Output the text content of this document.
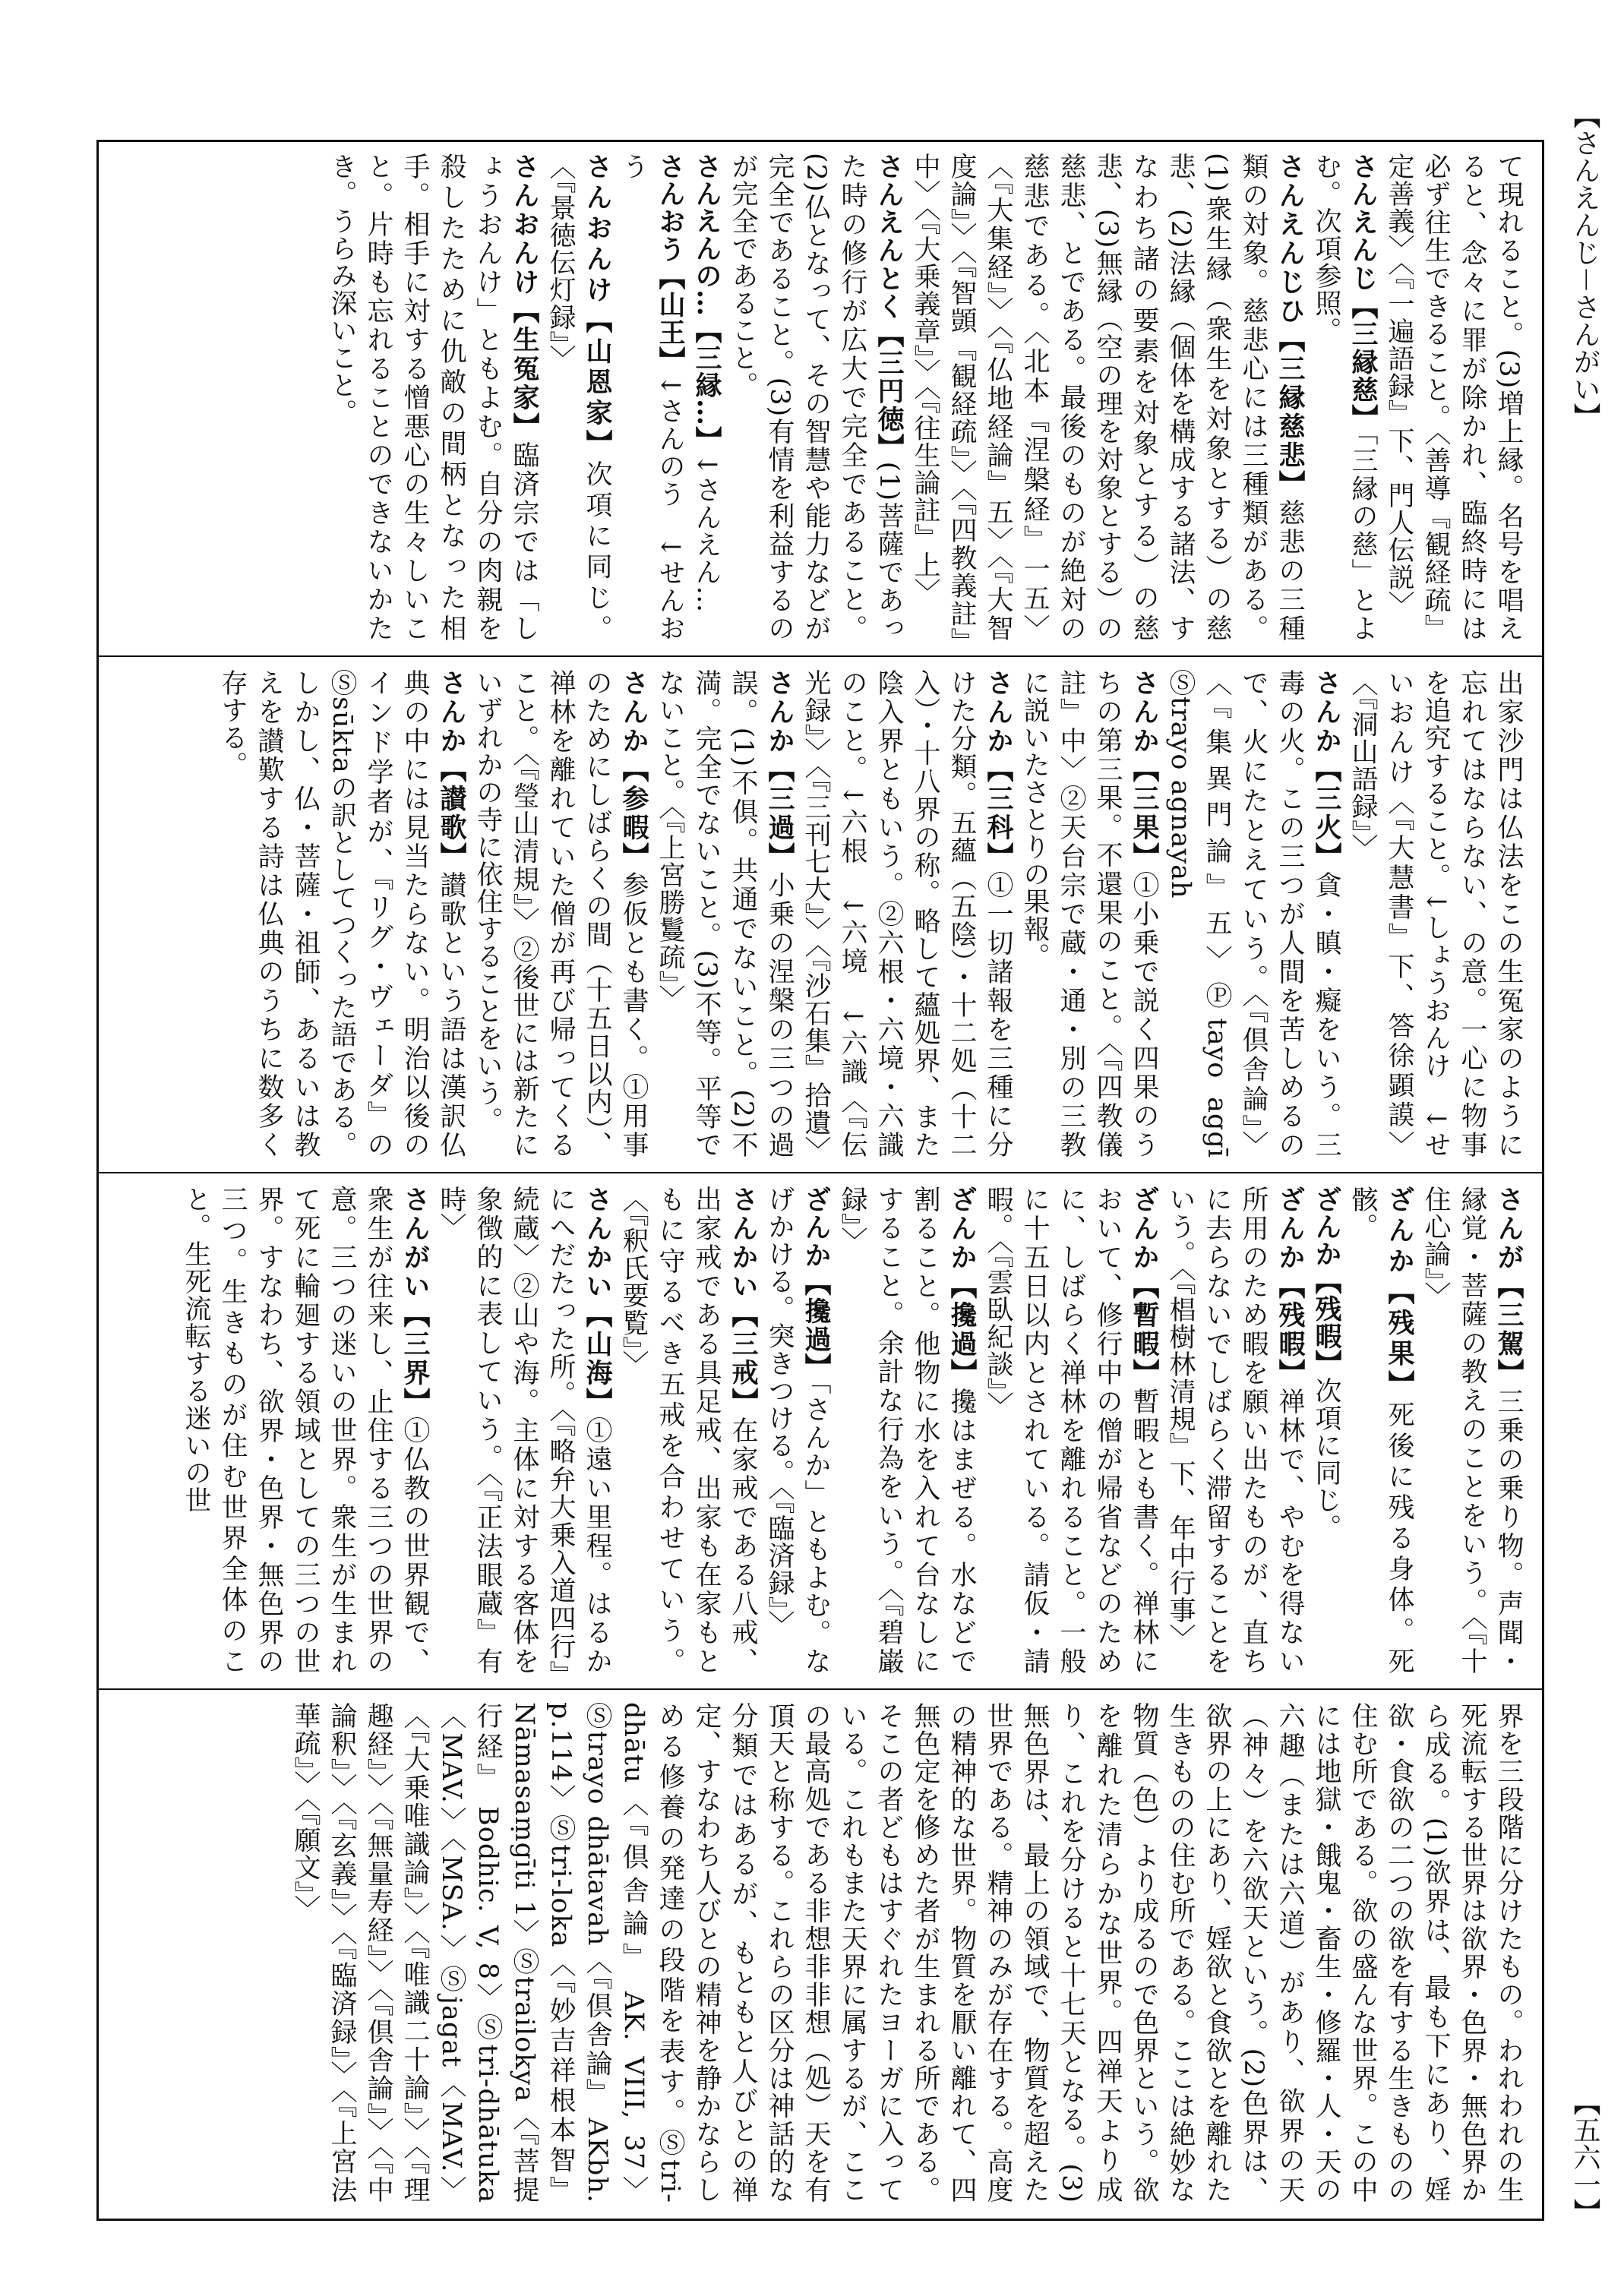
【さんえんじ－さんがい】
【五六一】

て現れること。(3)増上縁。名号を唱えると、念々に罪が除かれ、臨終時には必ず往生できること。〈善導『観経疏』定善義〉〈『一遍語録』下、門人伝説〉

さんえんじ【三縁慈】「三縁の慈」とよむ。次項参照。

さんえんじひ【三縁慈悲】慈悲の三種類の対象。慈悲心には三種類がある。(1)衆生縁（衆生を対象とする）の慈悲、(2)法縁（個体を構成する諸法、すなわち諸の要素を対象とする）の慈悲、(3)無縁（空の理を対象とする）の慈悲、とである。最後のものが絶対の慈悲である。〈北本『涅槃経』一五〉〈『大集経』〉〈『仏地経論』五〉〈『大智度論』〉〈『智顗『観経疏』〉〈『四教義註』中〉〈『大乗義章』〉〈『往生論註』上〉

さんえんとく【三円徳】(1)菩薩であった時の修行が広大で完全であること。(2)仏となって、その智慧や能力などが完全であること。(3)有情を利益するのが完全であること。

さんえんの…【三縁…】↓さんえん…

さんおう【山王】↓さんのう　↓せんおう

さんおんけ【山恩家】次項に同じ。〈『景徳伝灯録』〉

さんおんけ【生冤家】臨済宗では「しょうおんけ」ともよむ。自分の肉親を殺したために仇敵の間柄となった相手。相手に対する憎悪心の生々しいこと。片時も忘れることのできないかたき。うらみ深いこと。

出家沙門は仏法をこの生冤家のように忘れてはならない、の意。一心に物事を追究すること。↓しょうおんけ　↓せいおんけ〈『大慧書』下、答徐顕謨〉〈『洞山語録』〉

さんか【三火】貪・瞋・癡をいう。三毒の火。この三つが人間を苦しめるので、火にたとえていう。〈『倶舎論』〉〈『集異門論』五〉Ⓟtayo aggī　Ⓢtrayo agnayah

さんか【三果】①小乗で説く四果のうちの第三果。不還果のこと。〈『四教儀註』中〉②天台宗で蔵・通・別の三教に説いたさとりの果報。

さんか【三科】①一切諸報を三種に分けた分類。五蘊（五陰）・十二処（十二入）・十八界の称。略して蘊処界、また陰入界ともいう。②六根・六境・六識のこと。↓六根　↓六境　↓六識〈『伝光録』〉〈『三刊七大』〉〈『沙石集』拾遺〉

さんか【三過】小乗の涅槃の三つの過誤。(1)不俱。共通でないこと。(2)不満。完全でないこと。(3)不等。平等でないこと。〈『上宮勝鬘疏』〉

さんか【参暇】参仮とも書く。①用事のためにしばらくの間（十五日以内）、禅林を離れていた僧が再び帰ってくること。〈『瑩山清規』〉②後世には新たにいずれかの寺に依住することをいう。

さんか【讃歌】讃歌という語は漢訳仏典の中には見当たらない。明治以後のインド学者が、『リグ・ヴェーダ』のⓈsūktaの訳としてつくった語である。しかし、仏・菩薩・祖師、あるいは教えを讃歎する詩は仏典のうちに数多く存する。

さんが【三駕】三乗の乗り物。声聞・縁覚・菩薩の教えのことをいう。〈『十住心論』〉

ざんか【残果】死後に残る身体。死骸。

ざんか【残暇】次項に同じ。

ざんか【残暇】禅林で、やむを得ない所用のため暇を願い出たものが、直ちに去らないでしばらく滞留することをいう。〈『椙樹林清規』下、年中行事〉

ざんか【暫暇】暫暇とも書く。禅林において、修行中の僧が帰省などのために、しばらく禅林を離れること。一般に十五日以内とされている。請仮・請暇。〈『雲臥紀談』〉

ざんか【攙過】攙はまぜる。水などで割ること。他物に水を入れて台なしにすること。余計な行為をいう。〈『碧巌録』〉

ざんか【攙過】「さんか」ともよむ。なげかける。突きつける。〈『臨済録』〉

さんかい【三戒】在家戒である八戒、出家戒である具足戒、出家も在家もともに守るべき五戒を合わせていう。〈『釈氏要覧』〉

さんかい【山海】①遠い里程。はるかにへだたった所。〈『略弁大乗入道四行』続蔵〉②山や海。主体に対する客体を象徴的に表していう。〈『正法眼蔵』有時〉

さんがい【三界】①仏教の世界観で、衆生が往来し、止住する三つの世界の意。三つの迷いの世界。衆生が生まれて死に輪廻する領域としての三つの世界。すなわち、欲界・色界・無色界の三つ。生きものが住む世界全体のこと。生死流転する迷いの世

界を三段階に分けたもの。われわれの生死流転する世界は欲界・色界・無色界から成る。(1)欲界は、最も下にあり、婬欲・食欲の二つの欲を有する生きものの住む所である。欲の盛んな世界。この中には地獄・餓鬼・畜生・修羅・人・天の六趣（または六道）があり、欲界の天（神々）を六欲天という。(2)色界は、欲界の上にあり、婬欲と食欲とを離れた生きものの住む所である。ここは絶妙な物質（色）より成るので色界という。欲を離れた清らかな世界。四禅天より成り、これを分けると十七天となる。(3)無色界は、最上の領域で、物質を超えた世界である。精神のみが存在する。高度の精神的な世界。物質を厭い離れて、四無色定を修めた者が生まれる所である。そこの者どもはすぐれたヨーガに入っている。これもまた天界に属するが、ここの最高処である非想非非想（処）天を有頂天と称する。これらの区分は神話的な分類ではあるが、もともと人びとの禅定、すなわち人びとの精神を静かならしめる修養の発達の段階を表す。Ⓢtri-dhātu〈『倶舎論』 AK. VIII, 37〉Ⓢtrayo dhātavah〈『倶舎論』 AKbh. p.114〉Ⓢtri-loka〈『妙吉祥根本智』Nāmasaṃgīti 1〉Ⓢtrailokya〈『菩提行経』 Bodhic. V, 8〉Ⓢtri-dhātuka〈MAV.〉〈MSA.〉Ⓢjagat〈MAV.〉〈『大乗唯識論』〉〈『唯識二十論』〉〈『理趣経』〉〈『無量寿経』〉〈『倶舎論』〉〈『中論釈』〉〈『玄義』〉〈『臨済録』〉〈『上宮法華疏』〉〈『願文』〉
